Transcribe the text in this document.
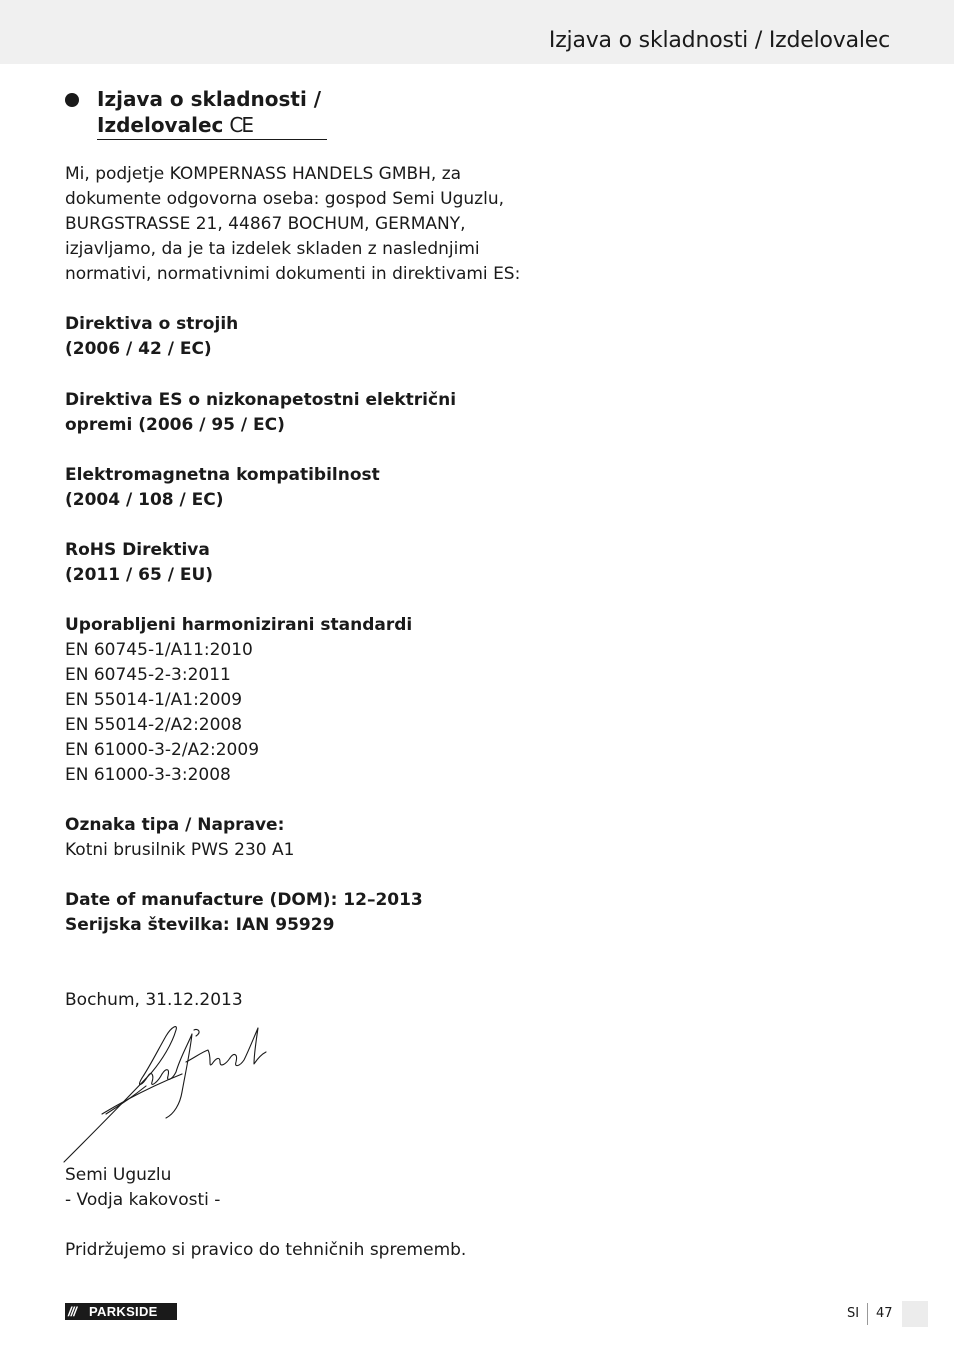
Izjava o skladnosti / Izdelovalec
Izjava o skladnosti /
Izdelovalec CE
Mi, podjetje KOMPERNASS HANDELS GMBH, za
dokumente odgovorna oseba: gospod Semi Uguzlu,
BURGSTRASSE 21, 44867 BOCHUM, GERMANY,
izjavljamo, da je ta izdelek skladen z naslednjimi
normativi, normativnimi dokumenti in direktivami ES:
Direktiva o strojih
(2006 / 42 / EC)
Direktiva ES o nizkonapetostni električni
opremi (2006 / 95 / EC)
Elektromagnetna kompatibilnost
(2004 / 108 / EC)
RoHS Direktiva
(2011 / 65 / EU)
Uporabljeni harmonizirani standardi
EN 60745-1/A11:2010
EN 60745-2-3:2011
EN 55014-1/A1:2009
EN 55014-2/A2:2008
EN 61000-3-2/A2:2009
EN 61000-3-3:2008
Oznaka tipa / Naprave:
Kotni brusilnik PWS 230 A1
Date of manufacture (DOM): 12–2013
Serijska številka: IAN 95929
Bochum, 31.12.2013
Semi Uguzlu
- Vodja kakovosti -
Pridržujemo si pravico do tehničnih sprememb.
/// PARKSIDE	SI 47
